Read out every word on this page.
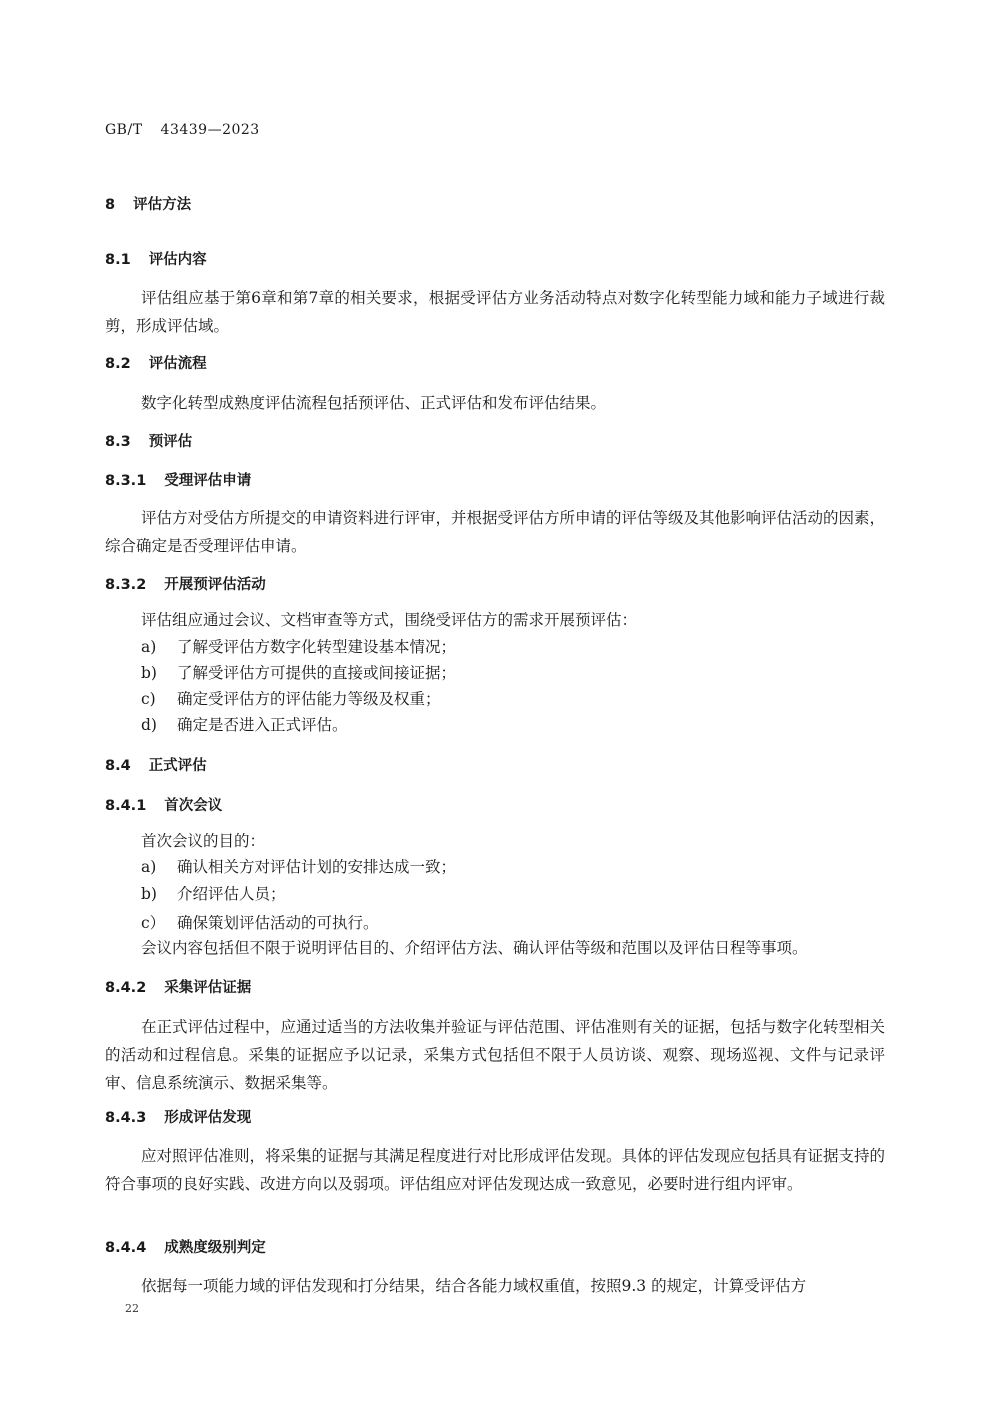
GB/T 43439—2023
8 评估方法
8.1 评估内容
评估组应基于第6章和第7章的相关要求，根据受评估方业务活动特点对数字化转型能力域和能力子域进行裁剪，形成评估域。
8.2 评估流程
数字化转型成熟度评估流程包括预评估、正式评估和发布评估结果。
8.3 预评估
8.3.1 受理评估申请
评估方对受估方所提交的申请资料进行评审，并根据受评估方所申请的评估等级及其他影响评估活动的因素，综合确定是否受理评估申请。
8.3.2 开展预评估活动
评估组应通过会议、文档审查等方式，围绕受评估方的需求开展预评估：
a) 了解受评估方数字化转型建设基本情况；
b) 了解受评估方可提供的直接或间接证据；
c) 确定受评估方的评估能力等级及权重；
d) 确定是否进入正式评估。
8.4 正式评估
8.4.1 首次会议
首次会议的目的：
a) 确认相关方对评估计划的安排达成一致；
b) 介绍评估人员；
c） 确保策划评估活动的可执行。
会议内容包括但不限于说明评估目的、介绍评估方法、确认评估等级和范围以及评估日程等事项。
8.4.2 采集评估证据
在正式评估过程中，应通过适当的方法收集并验证与评估范围、评估准则有关的证据，包括与数字化转型相关的活动和过程信息。采集的证据应予以记录，采集方式包括但不限于人员访谈、观察、现场巡视、文件与记录评审、信息系统演示、数据采集等。
8.4.3 形成评估发现
应对照评估准则，将采集的证据与其满足程度进行对比形成评估发现。具体的评估发现应包括具有证据支持的符合事项的良好实践、改进方向以及弱项。评估组应对评估发现达成一致意见，必要时进行组内评审。
8.4.4 成熟度级别判定
依据每一项能力域的评估发现和打分结果，结合各能力域权重值，按照9.3 的规定，计算受评估方
22
